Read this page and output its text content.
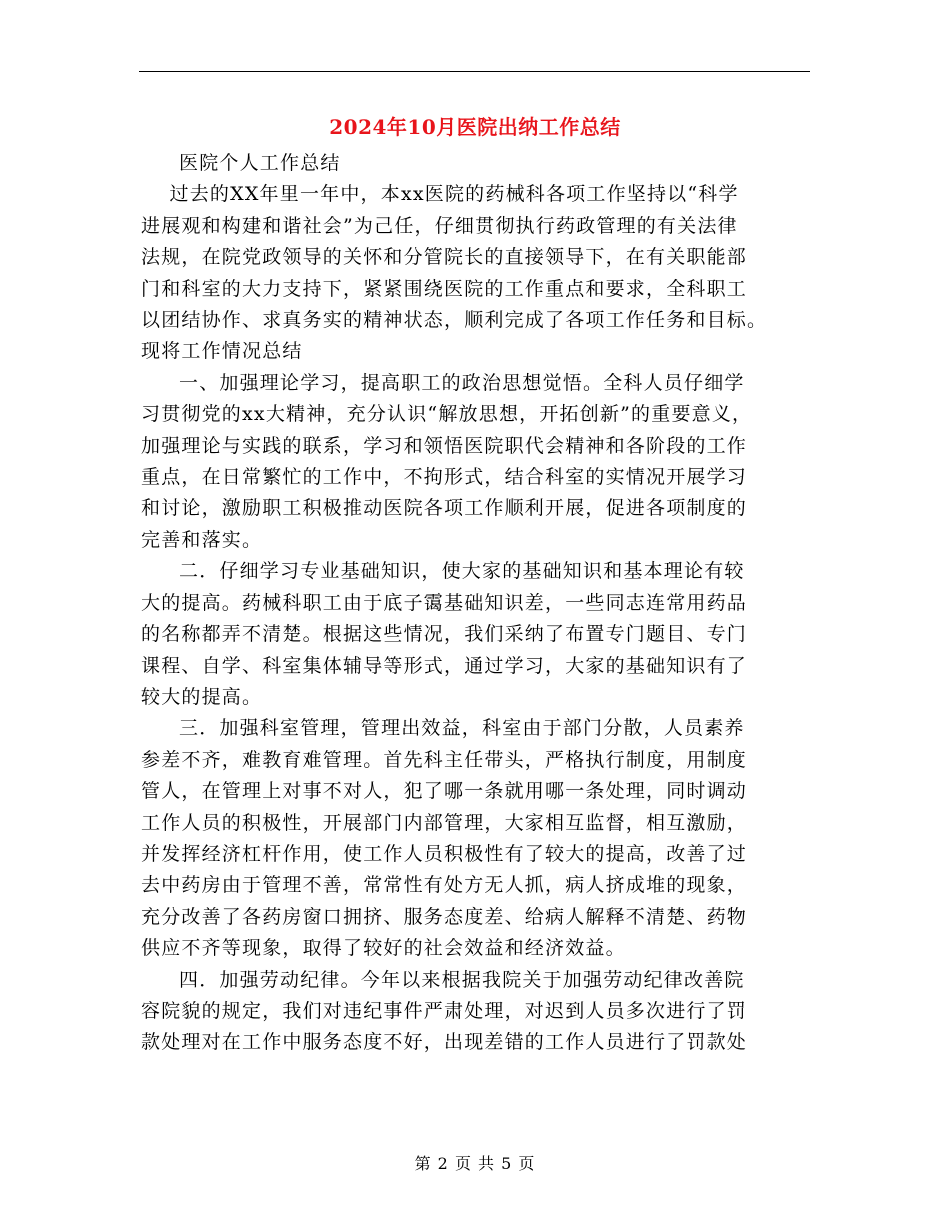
2024年10月医院出纳工作总结

医院个人工作总结

过去的XX年里一年中，本xx医院的药械科各项工作坚持以“科学
进展观和构建和谐社会”为己任，仔细贯彻执行药政管理的有关法律
法规，在院党政领导的关怀和分管院长的直接领导下，在有关职能部
门和科室的大力支持下，紧紧围绕医院的工作重点和要求，全科职工
以团结协作、求真务实的精神状态，顺利完成了各项工作任务和目标。
现将工作情况总结

一、加强理论学习，提高职工的政治思想觉悟。全科人员仔细学
习贯彻党的xx大精神，充分认识“解放思想，开拓创新”的重要意义，
加强理论与实践的联系，学习和领悟医院职代会精神和各阶段的工作
重点，在日常繁忙的工作中，不拘形式，结合科室的实情况开展学习
和讨论，激励职工积极推动医院各项工作顺利开展，促进各项制度的
完善和落实。

二．仔细学习专业基础知识，使大家的基础知识和基本理论有较
大的提高。药械科职工由于底子霭基础知识差，一些同志连常用药品
的名称都弄不清楚。根据这些情况，我们采纳了布置专门题目、专门
课程、自学、科室集体辅导等形式，通过学习，大家的基础知识有了
较大的提高。

三．加强科室管理，管理出效益，科室由于部门分散，人员素养
参差不齐，难教育难管理。首先科主任带头，严格执行制度，用制度
管人，在管理上对事不对人，犯了哪一条就用哪一条处理，同时调动
工作人员的积极性，开展部门内部管理，大家相互监督，相互激励，
并发挥经济杠杆作用，使工作人员积极性有了较大的提高，改善了过
去中药房由于管理不善，常常性有处方无人抓，病人挤成堆的现象，
充分改善了各药房窗口拥挤、服务态度差、给病人解释不清楚、药物
供应不齐等现象，取得了较好的社会效益和经济效益。

四．加强劳动纪律。今年以来根据我院关于加强劳动纪律改善院
容院貌的规定，我们对违纪事件严肃处理，对迟到人员多次进行了罚
款处理对在工作中服务态度不好，出现差错的工作人员进行了罚款处

第 2 页 共 5 页
